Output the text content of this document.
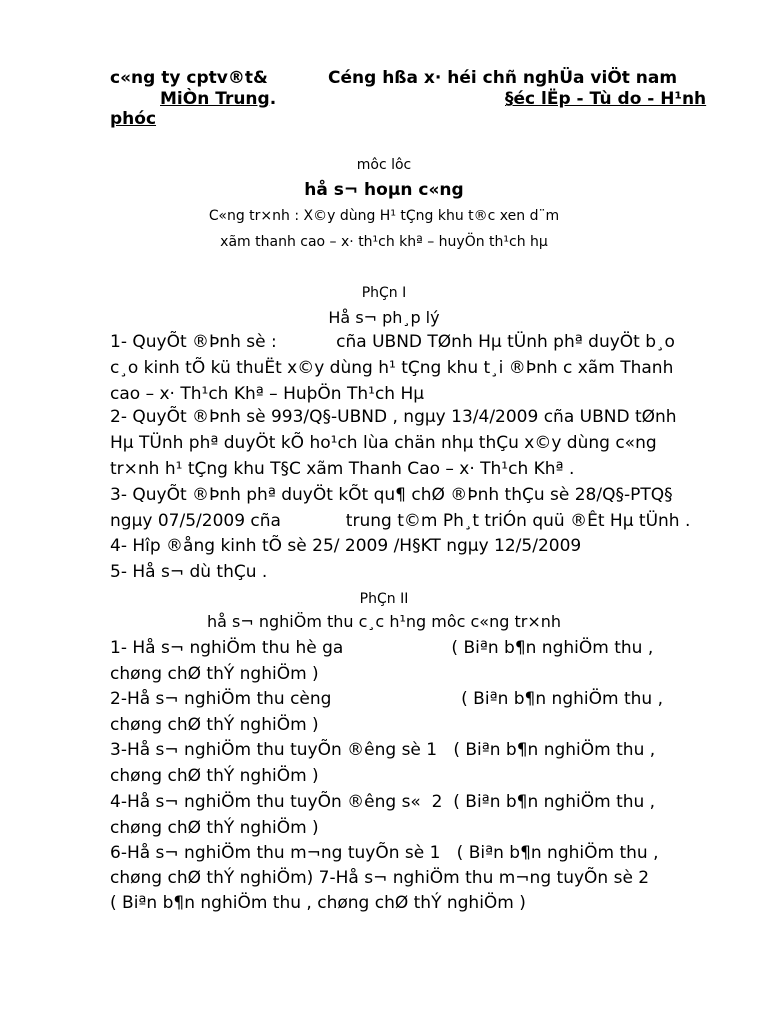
c«ng ty cptv®t&	Céng hßa x· héi chñ nghÜa viÖt nam
MiÒn Trung.	§éc lËp - Tù do - H¹nh
phóc
môc lôc
hå s¬ hoµn c«ng
C«ng tr×nh : X©y dùng H¹ tÇng khu t®c xen d¨m
xãm thanh cao – x· th¹ch khª – huyÖn th¹ch hµ
PhÇn I
Hå s¬ ph¸p lý
1- QuyÕt ®Þnh sè :           cña UBND TØnh Hµ tÜnh phª duyÖt b¸o
c¸o kinh tÕ kü thuËt x©y dùng h¹ tÇng khu t¸i ®Þnh c xãm Thanh
cao – x· Th¹ch Khª – HuþÖn Th¹ch Hµ
2- QuyÕt ®Þnh sè 993/Q§-UBND , ngµy 13/4/2009 cña UBND tØnh
Hµ TÜnh phª duyÖt kÕ ho¹ch lùa chän nhµ thÇu x©y dùng c«ng
tr×nh h¹ tÇng khu T§C xãm Thanh Cao – x· Th¹ch Khª .
3- QuyÕt ®Þnh phª duyÖt kÕt qu¶ chØ ®Þnh thÇu sè 28/Q§-PTQ§
ngµy 07/5/2009 cña            trung t©m Ph¸t triÓn quü ®Êt Hµ tÜnh .
4- Hîp ®ång kinh tÕ sè 25/ 2009 /H§KT ngµy 12/5/2009
5- Hå s¬ dù thÇu .
PhÇn II
hå s¬ nghiÖm thu c¸c h¹ng môc c«ng tr×nh
1- Hå s¬ nghiÖm thu hè ga                    ( Biªn b¶n nghiÖm thu ,
chøng chØ thÝ nghiÖm )
2-Hå s¬ nghiÖm thu cèng                        ( Biªn b¶n nghiÖm thu ,
chøng chØ thÝ nghiÖm )
3-Hå s¬ nghiÖm thu tuyÕn ®êng sè 1   ( Biªn b¶n nghiÖm thu ,
chøng chØ thÝ nghiÖm )
4-Hå s¬ nghiÖm thu tuyÕn ®êng s«  2  ( Biªn b¶n nghiÖm thu ,
chøng chØ thÝ nghiÖm )
6-Hå s¬ nghiÖm thu m¬ng tuyÕn sè 1   ( Biªn b¶n nghiÖm thu ,
chøng chØ thÝ nghiÖm) 7-Hå s¬ nghiÖm thu m¬ng tuyÕn sè 2
( Biªn b¶n nghiÖm thu , chøng chØ thÝ nghiÖm )
